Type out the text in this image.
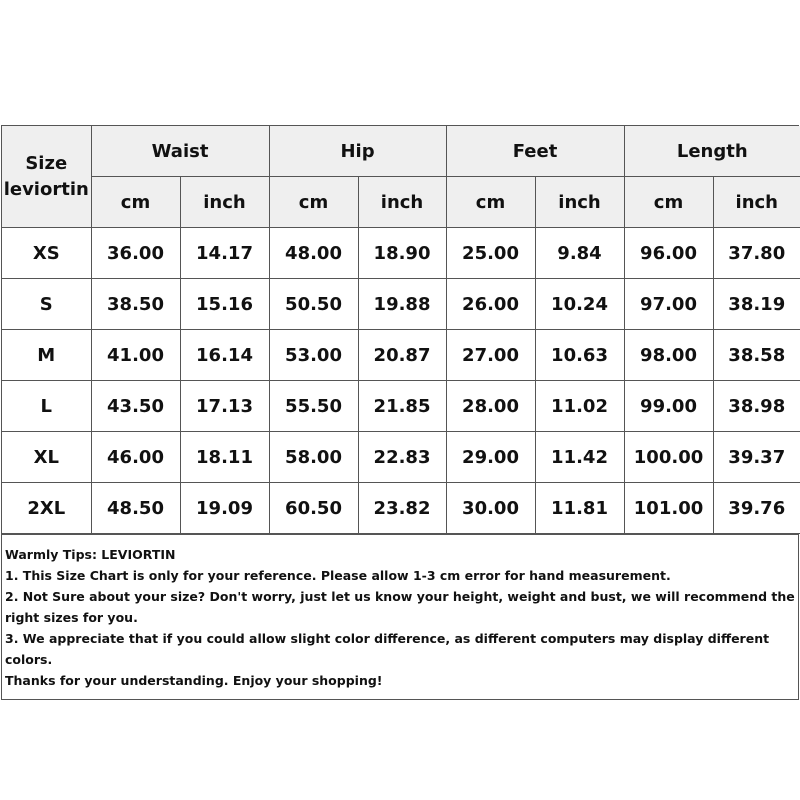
Size
leviortin	Waist		Hip		Feet		Length	
	cm	inch	cm	inch	cm	inch	cm	inch
XS	36.00	14.17	48.00	18.90	25.00	9.84	96.00	37.80
S	38.50	15.16	50.50	19.88	26.00	10.24	97.00	38.19
M	41.00	16.14	53.00	20.87	27.00	10.63	98.00	38.58
L	43.50	17.13	55.50	21.85	28.00	11.02	99.00	38.98
XL	46.00	18.11	58.00	22.83	29.00	11.42	100.00	39.37
2XL	48.50	19.09	60.50	23.82	30.00	11.81	101.00	39.76
Warmly Tips: LEVIORTIN
1. This Size Chart is only for your reference. Please allow 1-3 cm error for hand measurement.
2. Not Sure about your size? Don't worry, just let us know your height, weight and bust, we will recommend the right sizes for you.
3. We appreciate that if you could allow slight color difference, as different computers may display different colors.
Thanks for your understanding. Enjoy your shopping!
